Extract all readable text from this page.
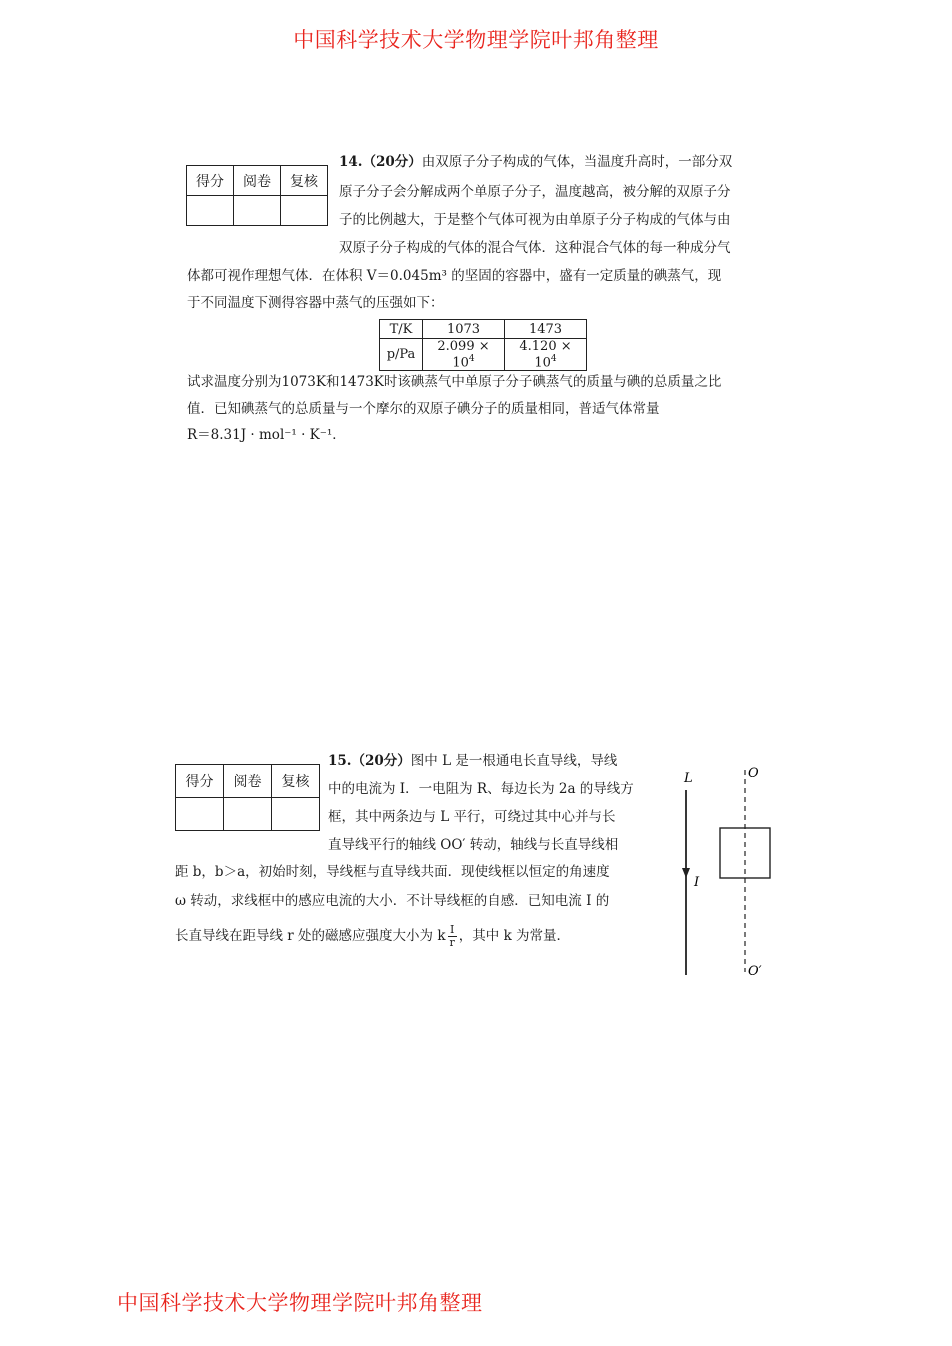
中国科学技术大学物理学院叶邦角整理
得分	阅卷	复核

14.（20分）由双原子分子构成的气体，当温度升高时，一部分双
原子分子会分解成两个单原子分子，温度越高，被分解的双原子分
子的比例越大，于是整个气体可视为由单原子分子构成的气体与由
双原子分子构成的气体的混合气体．这种混合气体的每一种成分气
体都可视作理想气体．在体积 V＝0.045m³ 的坚固的容器中，盛有一定质量的碘蒸气，现
于不同温度下测得容器中蒸气的压强如下：
T/K	1073	1473
p/Pa	$2.099 \times 10^4$	$4.120 \times 10^4$
试求温度分别为1073K和1473K时该碘蒸气中单原子分子碘蒸气的质量与碘的总质量之比
值．已知碘蒸气的总质量与一个摩尔的双原子碘分子的质量相同，普适气体常量
R＝8.31J · mol⁻¹ · K⁻¹．
得分	阅卷	复核

15.（20分）图中 L 是一根通电长直导线，导线
中的电流为 I．一电阻为 R、每边长为 2a 的导线方
框，其中两条边与 L 平行，可绕过其中心并与长
直导线平行的轴线 OO′ 转动，轴线与长直导线相
距 b，b＞a，初始时刻，导线框与直导线共面．现使线框以恒定的角速度
ω 转动，求线框中的感应电流的大小．不计导线框的自感．已知电流 I 的
长直导线在距导线 r 处的磁感应强度大小为 k $\frac{I}{r}$ ，其中 k 为常量．
L
I
O
O′
中国科学技术大学物理学院叶邦角整理
